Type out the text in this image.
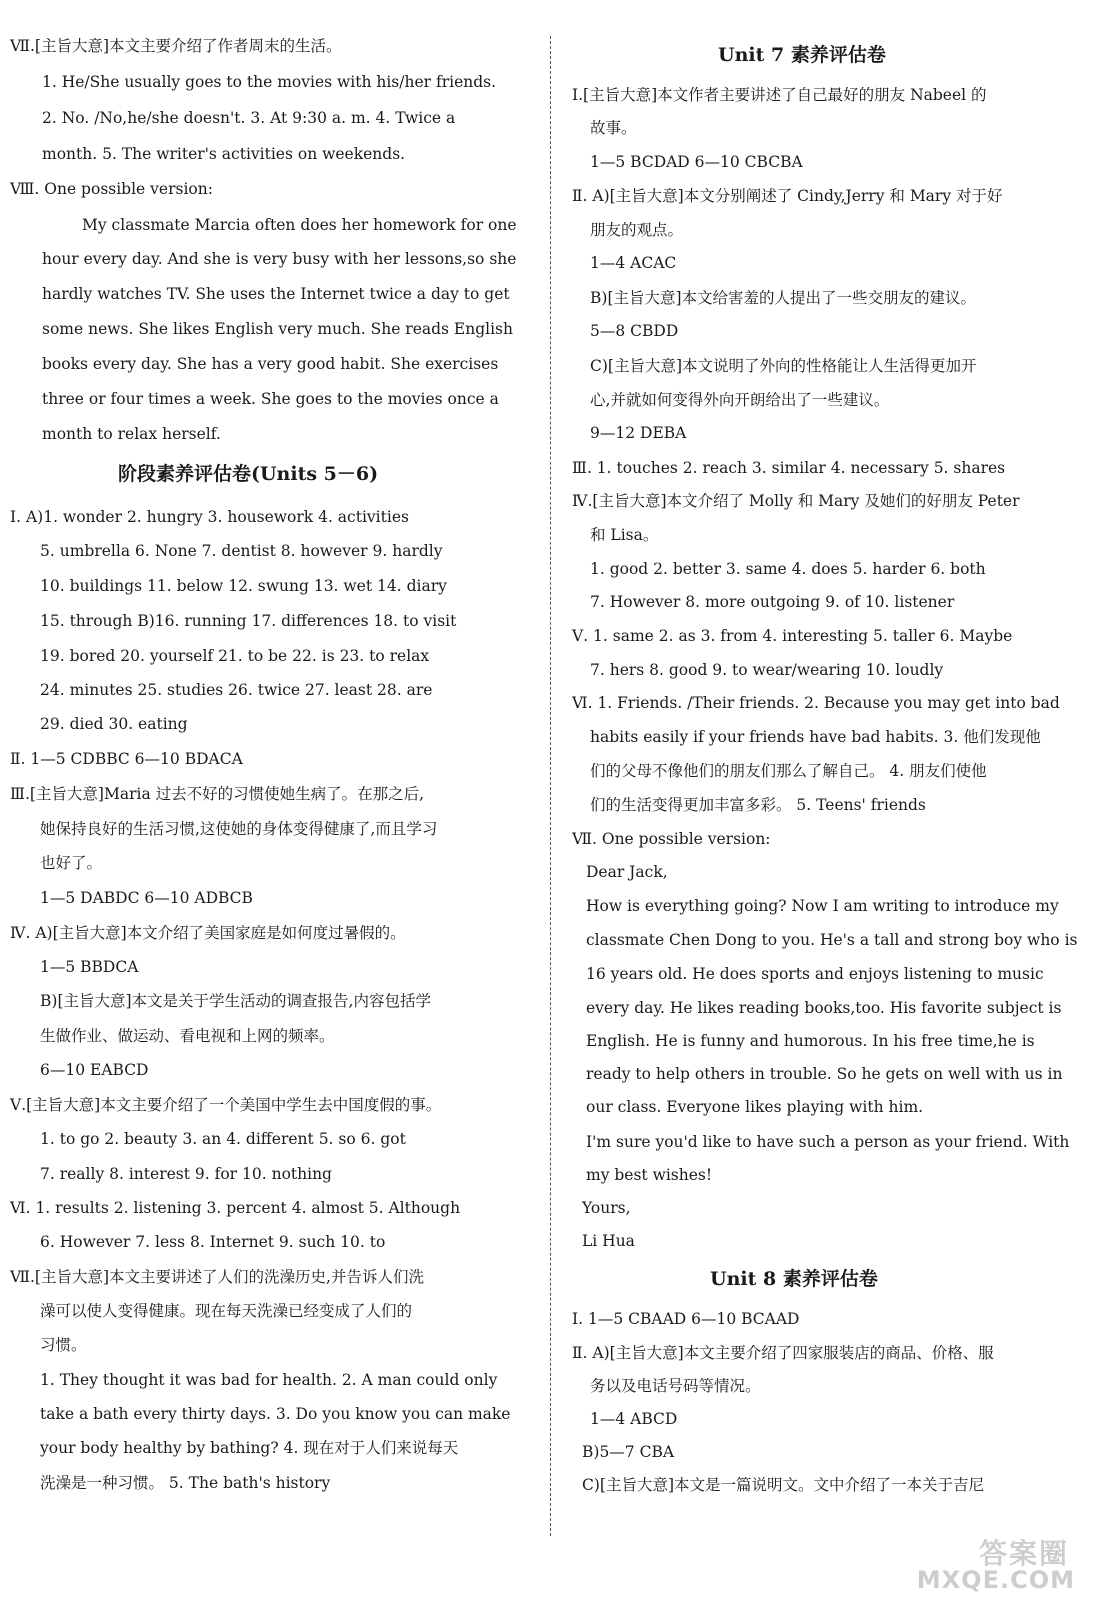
Ⅶ.[主旨大意]本文主要介绍了作者周末的生活。
1. He/She usually goes to the movies with his/her friends.
2. No. /No,he/she doesn't. 3. At 9:30 a. m. 4. Twice a
month. 5. The writer's activities on weekends.
Ⅷ. One possible version:
My classmate Marcia often does her homework for one
hour every day. And she is very busy with her lessons,so she
hardly watches TV. She uses the Internet twice a day to get
some news. She likes English very much. She reads English
books every day. She has a very good habit. She exercises
three or four times a week. She goes to the movies once a
month to relax herself.
阶段素养评估卷(Units 5－6)
Ⅰ. A)1. wonder 2. hungry 3. housework 4. activities
5. umbrella 6. None 7. dentist 8. however 9. hardly
10. buildings 11. below 12. swung 13. wet 14. diary
15. through B)16. running 17. differences 18. to visit
19. bored 20. yourself 21. to be 22. is 23. to relax
24. minutes 25. studies 26. twice 27. least 28. are
29. died 30. eating
Ⅱ. 1—5 CDBBC 6—10 BDACA
Ⅲ.[主旨大意]Maria 过去不好的习惯使她生病了。在那之后,
她保持良好的生活习惯,这使她的身体变得健康了,而且学习
也好了。
1—5 DABDC 6—10 ADBCB
Ⅳ. A)[主旨大意]本文介绍了美国家庭是如何度过暑假的。
1—5 BBDCA
B)[主旨大意]本文是关于学生活动的调查报告,内容包括学
生做作业、做运动、看电视和上网的频率。
6—10 EABCD
Ⅴ.[主旨大意]本文主要介绍了一个美国中学生去中国度假的事。
1. to go 2. beauty 3. an 4. different 5. so 6. got
7. really 8. interest 9. for 10. nothing
Ⅵ. 1. results 2. listening 3. percent 4. almost 5. Although
6. However 7. less 8. Internet 9. such 10. to
Ⅶ.[主旨大意]本文主要讲述了人们的洗澡历史,并告诉人们洗
澡可以使人变得健康。现在每天洗澡已经变成了人们的
习惯。
1. They thought it was bad for health. 2. A man could only
take a bath every thirty days. 3. Do you know you can make
your body healthy by bathing? 4. 现在对于人们来说每天
洗澡是一种习惯。 5. The bath's history
Unit 7 素养评估卷
Ⅰ.[主旨大意]本文作者主要讲述了自己最好的朋友 Nabeel 的
故事。
1—5 BCDAD 6—10 CBCBA
Ⅱ. A)[主旨大意]本文分别阐述了 Cindy,Jerry 和 Mary 对于好
朋友的观点。
1—4 ACAC
B)[主旨大意]本文给害羞的人提出了一些交朋友的建议。
5—8 CBDD
C)[主旨大意]本文说明了外向的性格能让人生活得更加开
心,并就如何变得外向开朗给出了一些建议。
9—12 DEBA
Ⅲ. 1. touches 2. reach 3. similar 4. necessary 5. shares
Ⅳ.[主旨大意]本文介绍了 Molly 和 Mary 及她们的好朋友 Peter
和 Lisa。
1. good 2. better 3. same 4. does 5. harder 6. both
7. However 8. more outgoing 9. of 10. listener
Ⅴ. 1. same 2. as 3. from 4. interesting 5. taller 6. Maybe
7. hers 8. good 9. to wear/wearing 10. loudly
Ⅵ. 1. Friends. /Their friends. 2. Because you may get into bad
habits easily if your friends have bad habits. 3. 他们发现他
们的父母不像他们的朋友们那么了解自己。 4. 朋友们使他
们的生活变得更加丰富多彩。 5. Teens' friends
Ⅶ. One possible version:
Dear Jack,
How is everything going? Now I am writing to introduce my
classmate Chen Dong to you. He's a tall and strong boy who is
16 years old. He does sports and enjoys listening to music
every day. He likes reading books,too. His favorite subject is
English. He is funny and humorous. In his free time,he is
ready to help others in trouble. So he gets on well with us in
our class. Everyone likes playing with him.
I'm sure you'd like to have such a person as your friend. With
my best wishes!
Yours,
Li Hua
Unit 8 素养评估卷
Ⅰ. 1—5 CBAAD 6—10 BCAAD
Ⅱ. A)[主旨大意]本文主要介绍了四家服装店的商品、价格、服
务以及电话号码等情况。
1—4 ABCD
B)5—7 CBA
C)[主旨大意]本文是一篇说明文。文中介绍了一本关于吉尼
答案圈
MXQE.COM
